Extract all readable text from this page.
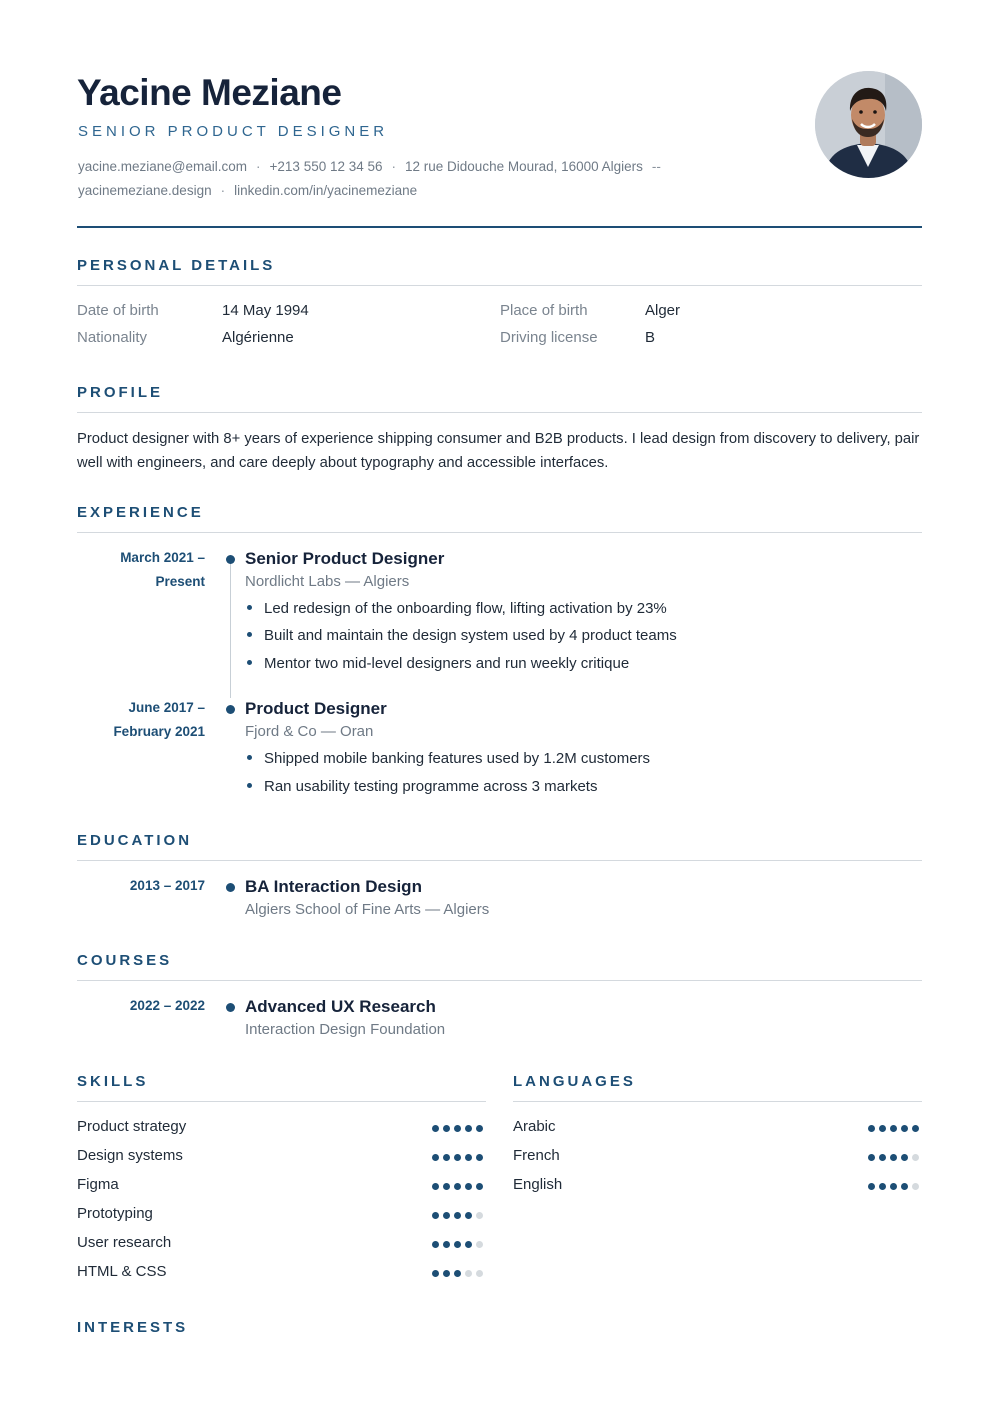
Yacine Meziane
SENIOR PRODUCT DESIGNER
yacine.meziane@email.com · +213 550 12 34 56 · 12 rue Didouche Mourad, 16000 Algiers --
yacinemeziane.design · linkedin.com/in/yacinemeziane
PERSONAL DETAILS
Date of birth	14 May 1994	Place of birth	Alger
Nationality	Algérienne	Driving license	B
PROFILE

Product designer with 8+ years of experience shipping consumer and B2B products. I lead design from discovery to delivery, pair well with engineers, and care deeply about typography and accessible interfaces.

EXPERIENCE
March 2021 –
Present
Senior Product Designer
Nordlicht Labs — Algiers
Led redesign of the onboarding flow, lifting activation by 23%
Built and maintain the design system used by 4 product teams
Mentor two mid-level designers and run weekly critique
June 2017 –
February 2021
Product Designer
Fjord & Co — Oran
Shipped mobile banking features used by 1.2M customers
Ran usability testing programme across 3 markets
EDUCATION
2013 – 2017 BA Interaction Design
Algiers School of Fine Arts — Algiers
COURSES
2022 – 2022 Advanced UX Research
Interaction Design Foundation
SKILLS
Product strategy
Design systems
Figma
Prototyping
User research
HTML & CSS
LANGUAGES
Arabic
French
English
INTERESTS
